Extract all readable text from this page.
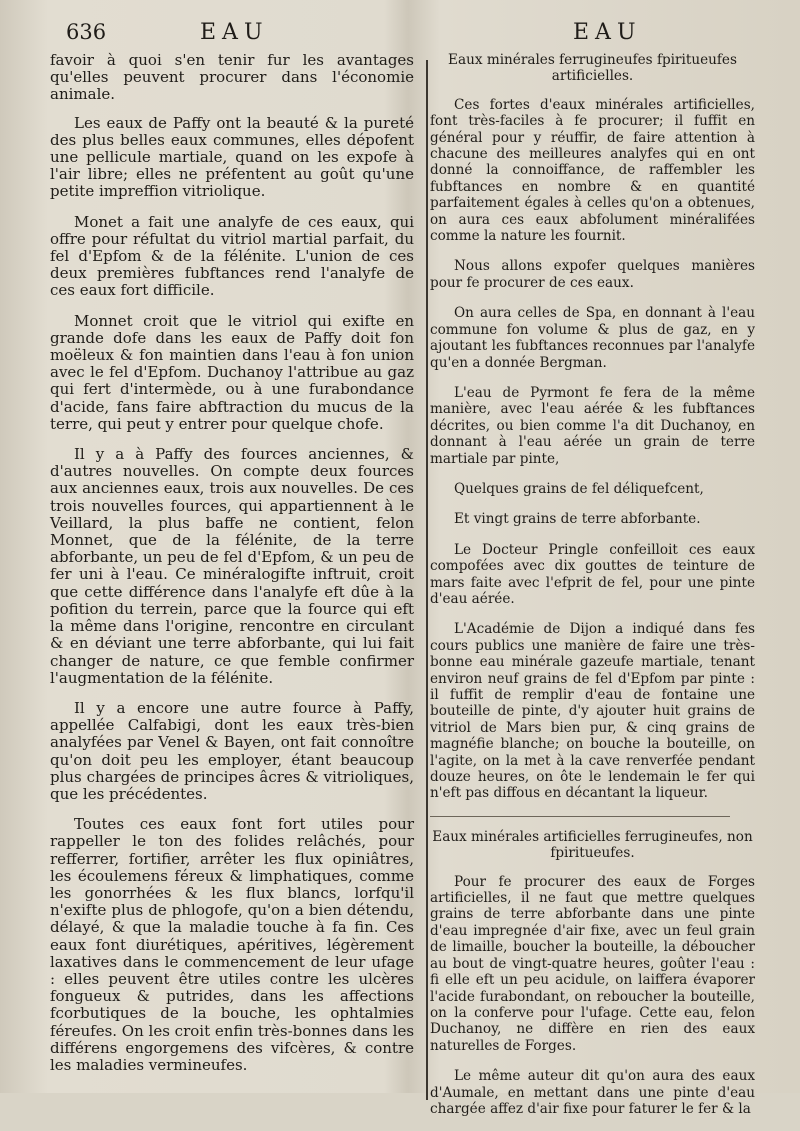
636	EAU	EAU

favoir à quoi s'en tenir fur les avantages qu'elles peuvent procurer dans l'économie animale.

Les eaux de Paffy ont la beauté & la pureté des plus belles eaux communes, elles dépofent une pellicule martiale, quand on les expofe à l'air libre; elles ne préfentent au goût qu'une petite impreffion vitriolique.

Monet a fait une analyfe de ces eaux, qui offre pour réfultat du vitriol martial parfait, du fel d'Epfom & de la félénite. L'union de ces deux premières fubftances rend l'analyfe de ces eaux fort difficile.

Monnet croit que le vitriol qui exifte en grande dofe dans les eaux de Paffy doit fon moëleux & fon maintien dans l'eau à fon union avec le fel d'Epfom. Duchanoy l'attribue au gaz qui fert d'intermède, ou à une furabondance d'acide, fans faire abftraction du mucus de la terre, qui peut y entrer pour quelque chofe.

Il y a à Paffy des fources anciennes, & d'autres nouvelles. On compte deux fources aux anciennes eaux, trois aux nouvelles. De ces trois nouvelles fources, qui appartiennent à le Veillard, la plus baffe ne contient, felon Monnet, que de la félénite, de la terre abforbante, un peu de fel d'Epfom, & un peu de fer uni à l'eau. Ce minéralogifte inftruit, croit que cette différence dans l'analyfe eft dûe à la pofition du terrein, parce que la fource qui eft la même dans l'origine, rencontre en circulant & en déviant une terre abforbante, qui lui fait changer de nature, ce que femble confirmer l'augmentation de la félénite.

Il y a encore une autre fource à Paffy, appellée Calfabigi, dont les eaux très-bien analyfées par Venel & Bayen, ont fait connoître qu'on doit peu les employer, étant beaucoup plus chargées de principes âcres & vitrioliques, que les précédentes.

Toutes ces eaux font fort utiles pour rappeller le ton des folides relâchés, pour refferrer, fortifier, arrêter les flux opiniâtres, les écoulemens féreux & limphatiques, comme les gonorrhées & les flux blancs, lorfqu'il n'exifte plus de phlogofe, qu'on a bien détendu, délayé, & que la maladie touche à fa fin. Ces eaux font diurétiques, apéritives, légèrement laxatives dans le commencement de leur ufage : elles peuvent être utiles contre les ulcères fongueux & putrides, dans les affections fcorbutiques de la bouche, les ophtalmies féreufes. On les croit enfin très-bonnes dans les différens engorgemens des vifcères, & contre les maladies vermineufes.

Eaux minérales ferrugineufes fpiritueufes artificielles.

Ces fortes d'eaux minérales artificielles, font très-faciles à fe procurer; il fuffit en général pour y réuffir, de faire attention à chacune des meilleures analyfes qui en ont donné la connoiffance, de raffembler les fubftances en nombre & en quantité parfaitement égales à celles qu'on a obtenues, on aura ces eaux abfolument minéralifées comme la nature les fournit.

Nous allons expofer quelques manières pour fe procurer de ces eaux.

On aura celles de Spa, en donnant à l'eau commune fon volume & plus de gaz, en y ajoutant les fubftances reconnues par l'analyfe qu'en a donnée Bergman.

L'eau de Pyrmont fe fera de la même manière, avec l'eau aérée & les fubftances décrites, ou bien comme l'a dit Duchanoy, en donnant à l'eau aérée un grain de terre martiale par pinte,

Quelques grains de fel déliquefcent,

Et vingt grains de terre abforbante.

Le Docteur Pringle confeilloit ces eaux compofées avec dix gouttes de teinture de mars faite avec l'efprit de fel, pour une pinte d'eau aérée.

L'Académie de Dijon a indiqué dans fes cours publics une manière de faire une très-bonne eau minérale gazeufe martiale, tenant environ neuf grains de fel d'Epfom par pinte : il fuffit de remplir d'eau de fontaine une bouteille de pinte, d'y ajouter huit grains de vitriol de Mars bien pur, & cinq grains de magnéfie blanche; on bouche la bouteille, on l'agite, on la met à la cave renverfée pendant douze heures, on ôte le lendemain le fer qui n'eft pas diffous en décantant la liqueur.

Eaux minérales artificielles ferrugineufes, non fpiritueufes.

Pour fe procurer des eaux de Forges artificielles, il ne faut que mettre quelques grains de terre abforbante dans une pinte d'eau impregnée d'air fixe, avec un feul grain de limaille, boucher la bouteille, la déboucher au bout de vingt-quatre heures, goûter l'eau : fi elle eft un peu acidule, on laiffera évaporer l'acide furabondant, on reboucher la bouteille, on la conferve pour l'ufage. Cette eau, felon Duchanoy, ne diffère en rien des eaux naturelles de Forges.

Le même auteur dit qu'on aura des eaux d'Aumale, en mettant dans une pinte d'eau chargée affez d'air fixe pour faturer le fer & la
